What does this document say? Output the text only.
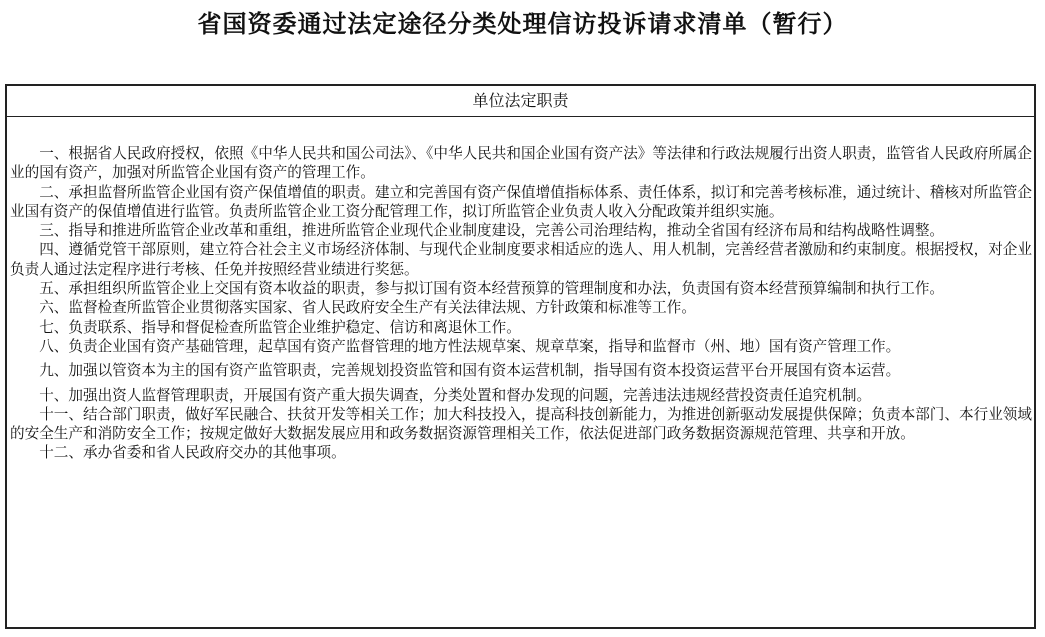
省国资委通过法定途径分类处理信访投诉请求清单（暂行）
单位法定职责

一、根据省人民政府授权，依照《中华人民共和国公司法》、《中华人民共和国企业国有资产法》等法律和行政法规履行出资人职责，监管省人民政府所属企业的国有资产，加强对所监管企业国有资产的管理工作。

二、承担监督所监管企业国有资产保值增值的职责。建立和完善国有资产保值增值指标体系、责任体系，拟订和完善考核标准，通过统计、稽核对所监管企业国有资产的保值增值进行监管。负责所监管企业工资分配管理工作，拟订所监管企业负责人收入分配政策并组织实施。

三、指导和推进所监管企业改革和重组，推进所监管企业现代企业制度建设，完善公司治理结构，推动全省国有经济布局和结构战略性调整。

四、遵循党管干部原则，建立符合社会主义市场经济体制、与现代企业制度要求相适应的选人、用人机制，完善经营者激励和约束制度。根据授权，对企业负责人通过法定程序进行考核、任免并按照经营业绩进行奖惩。

五、承担组织所监管企业上交国有资本收益的职责，参与拟订国有资本经营预算的管理制度和办法，负责国有资本经营预算编制和执行工作。

六、监督检查所监管企业贯彻落实国家、省人民政府安全生产有关法律法规、方针政策和标准等工作。

七、负责联系、指导和督促检查所监管企业维护稳定、信访和离退休工作。

八、负责企业国有资产基础管理，起草国有资产监督管理的地方性法规草案、规章草案，指导和监督市（州、地）国有资产管理工作。

九、加强以管资本为主的国有资产监管职责，完善规划投资监管和国有资本运营机制，指导国有资本投资运营平台开展国有资本运营。

十、加强出资人监督管理职责，开展国有资产重大损失调查，分类处置和督办发现的问题，完善违法违规经营投资责任追究机制。

十一、结合部门职责，做好军民融合、扶贫开发等相关工作；加大科技投入，提高科技创新能力，为推进创新驱动发展提供保障；负责本部门、本行业领域的安全生产和消防安全工作；按规定做好大数据发展应用和政务数据资源管理相关工作，依法促进部门政务数据资源规范管理、共享和开放。

十二、承办省委和省人民政府交办的其他事项。
